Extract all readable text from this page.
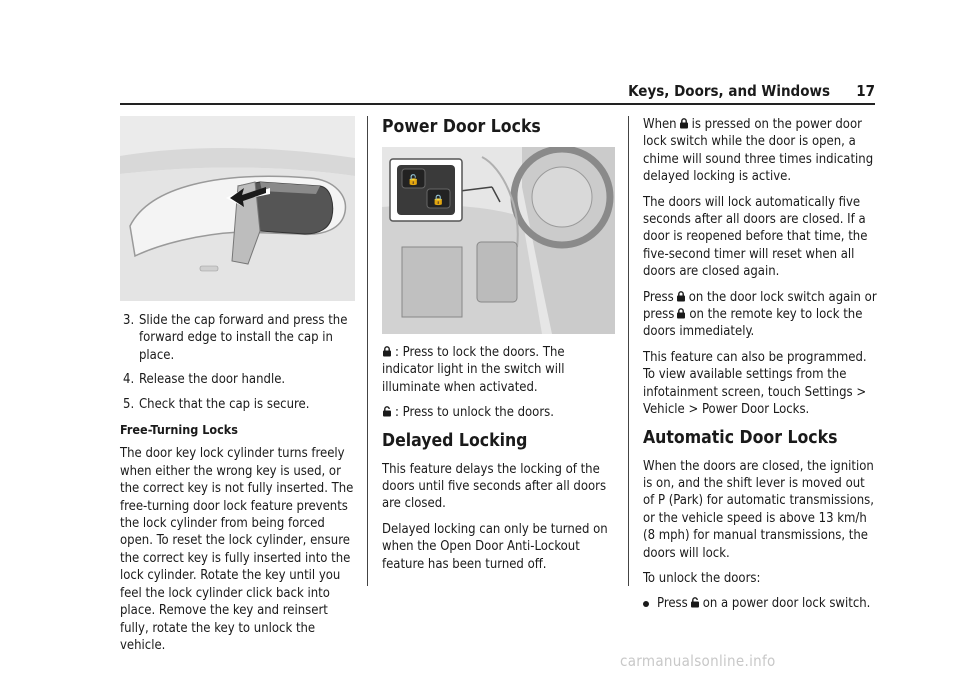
Keys, Doors, and Windows	17
3. Slide the cap forward and press the forward edge to install the cap in place.
4. Release the door handle.
5. Check that the cap is secure.
Free-Turning Locks

The door key lock cylinder turns freely when either the wrong key is used, or the correct key is not fully inserted. The free-turning door lock feature prevents the lock cylinder from being forced open. To reset the lock cylinder, ensure the correct key is fully inserted into the lock cylinder. Rotate the key until you feel the lock cylinder click back into place. Remove the key and reinsert fully, rotate the key to unlock the vehicle.

Power Door Locks
🔓
🔒

: Press to lock the doors. The indicator light in the switch will illuminate when activated.

: Press to unlock the doors.

Delayed Locking

This feature delays the locking of the doors until five seconds after all doors are closed.

Delayed locking can only be turned on when the Open Door Anti-Lockout feature has been turned off.

When is pressed on the power door lock switch while the door is open, a chime will sound three times indicating delayed locking is active.

The doors will lock automatically five seconds after all doors are closed. If a door is reopened before that time, the five-second timer will reset when all doors are closed again.

Press on the door lock switch again or press on the remote key to lock the doors immediately.

This feature can also be programmed. To view available settings from the infotainment screen, touch Settings > Vehicle > Power Door Locks.

Automatic Door Locks

When the doors are closed, the ignition is on, and the shift lever is moved out of P (Park) for automatic transmissions, or the vehicle speed is above 13 km/h (8 mph) for manual transmissions, the doors will lock.

To unlock the doors:

Press on a power door lock switch.
carmanualsonline.info
